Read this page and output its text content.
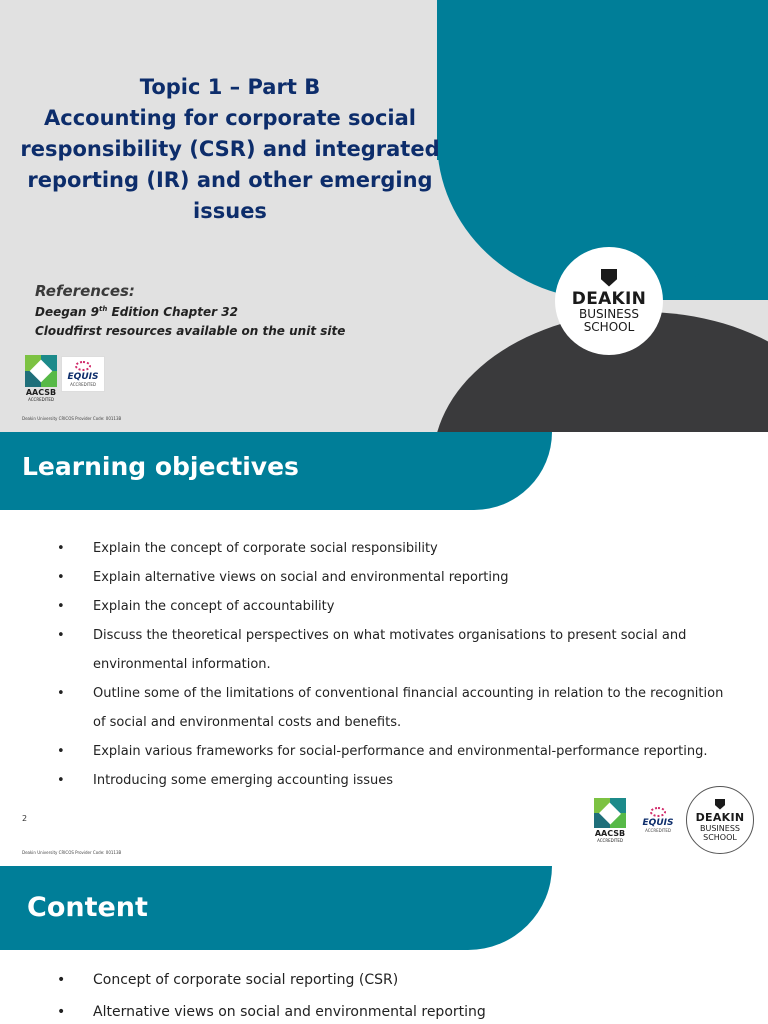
Topic 1 – Part B
Accounting for corporate social
responsibility (CSR) and integrated
reporting (IR) and other emerging
issues
References:
Deegan 9th Edition Chapter 32
Cloudfirst resources available on the unit site
AACSB
ACCREDITED
EQUIS
ACCREDITED
DEAKIN
BUSINESS
SCHOOL
Deakin University CRICOS Provider Code: 00113B
Learning objectives
• Explain the concept of corporate social responsibility
• Explain alternative views on social and environmental reporting
• Explain the concept of accountability
• Discuss the theoretical perspectives on what motivates organisations to present social and environmental information.
• Outline some of the limitations of conventional financial accounting in relation to the recognition of social and environmental costs and benefits.
• Explain various frameworks for social-performance and environmental-performance reporting.
• Introducing some emerging accounting issues
2
Deakin University CRICOS Provider Code: 00113B
AACSB
ACCREDITED
EQUIS
ACCREDITED
DEAKIN
BUSINESS
SCHOOL
Content
• Concept of corporate social reporting (CSR)
• Alternative views on social and environmental reporting
